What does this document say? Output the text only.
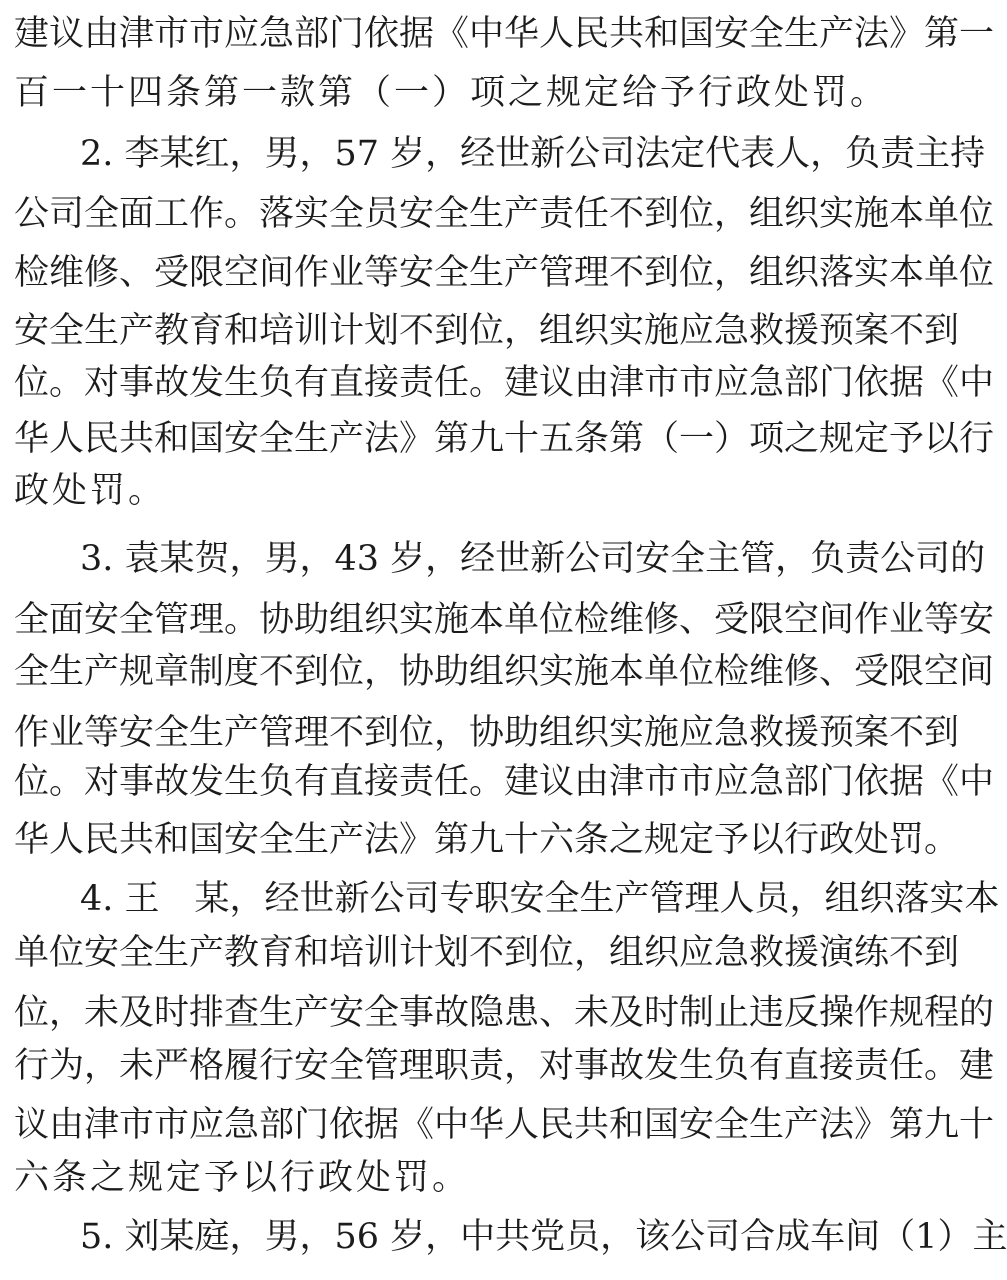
建议由津市市应急部门依据《中华人民共和国安全生产法》第一
百一十四条第一款第（一）项之规定给予行政处罚。
2. 李某红，男，57 岁，经世新公司法定代表人，负责主持
公司全面工作。落实全员安全生产责任不到位，组织实施本单位
检维修、受限空间作业等安全生产管理不到位，组织落实本单位
安全生产教育和培训计划不到位，组织实施应急救援预案不到
位。对事故发生负有直接责任。建议由津市市应急部门依据《中
华人民共和国安全生产法》第九十五条第（一）项之规定予以行
政处罚。
3. 袁某贺，男，43 岁，经世新公司安全主管，负责公司的
全面安全管理。协助组织实施本单位检维修、受限空间作业等安
全生产规章制度不到位，协助组织实施本单位检维修、受限空间
作业等安全生产管理不到位，协助组织实施应急救援预案不到
位。对事故发生负有直接责任。建议由津市市应急部门依据《中
华人民共和国安全生产法》第九十六条之规定予以行政处罚。
4. 王　某，经世新公司专职安全生产管理人员，组织落实本
单位安全生产教育和培训计划不到位，组织应急救援演练不到
位，未及时排查生产安全事故隐患、未及时制止违反操作规程的
行为，未严格履行安全管理职责，对事故发生负有直接责任。建
议由津市市应急部门依据《中华人民共和国安全生产法》第九十
六条之规定予以行政处罚。
5. 刘某庭，男，56 岁，中共党员，该公司合成车间（1）主
